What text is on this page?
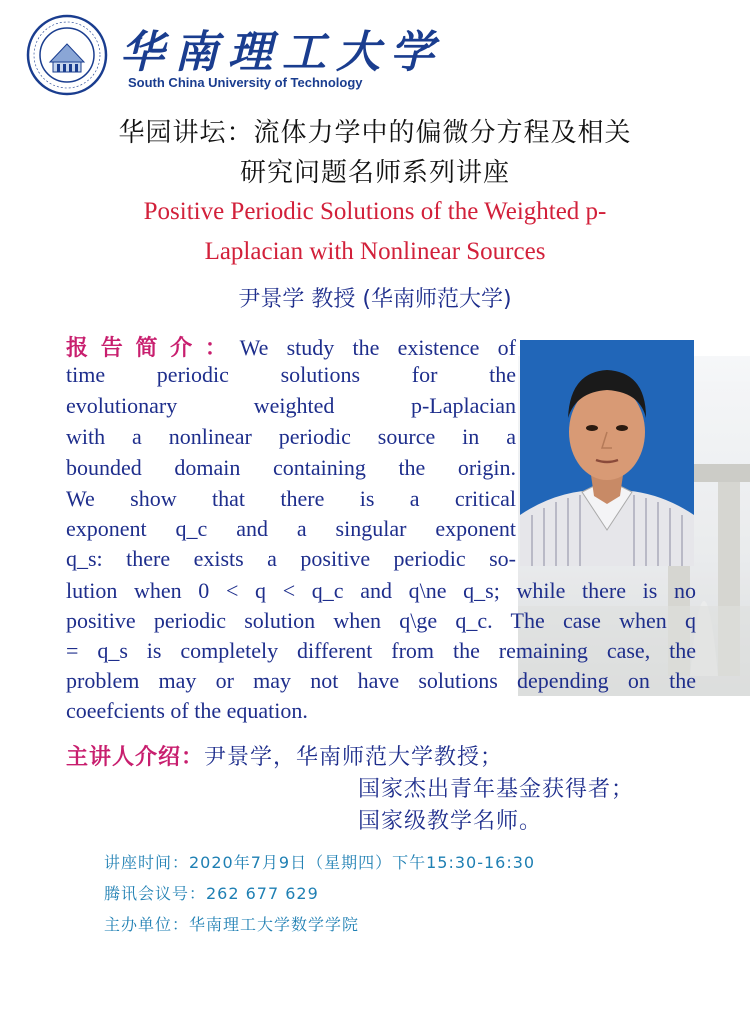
华南理工大学
South China University of Technology
华园讲坛：流体力学中的偏微分方程及相关
研究问题名师系列讲座
Positive Periodic Solutions of the Weighted p-
Laplacian with Nonlinear Sources
尹景学 教授 (华南师范大学)
报告简介：We study the existence of
time periodic solutions for the
evolutionary weighted p-Laplacian
with a nonlinear periodic source in a
bounded domain containing the origin.
We show that there is a critical
exponent q_c and a singular exponent
q_s: there exists a positive periodic so-
lution when 0 < q < q_c and q\ne q_s; while there is no
positive periodic solution when q\ge q_c. The case when q
= q_s is completely different from the remaining case, the
problem may or may not have solutions depending on the
coeefcients of the equation.
主讲人介绍：尹景学，华南师范大学教授；
国家杰出青年基金获得者；
国家级教学名师。
讲座时间：2020年7月9日（星期四）下午15:30-16:30
腾讯会议号：262 677 629
主办单位：华南理工大学数学学院
